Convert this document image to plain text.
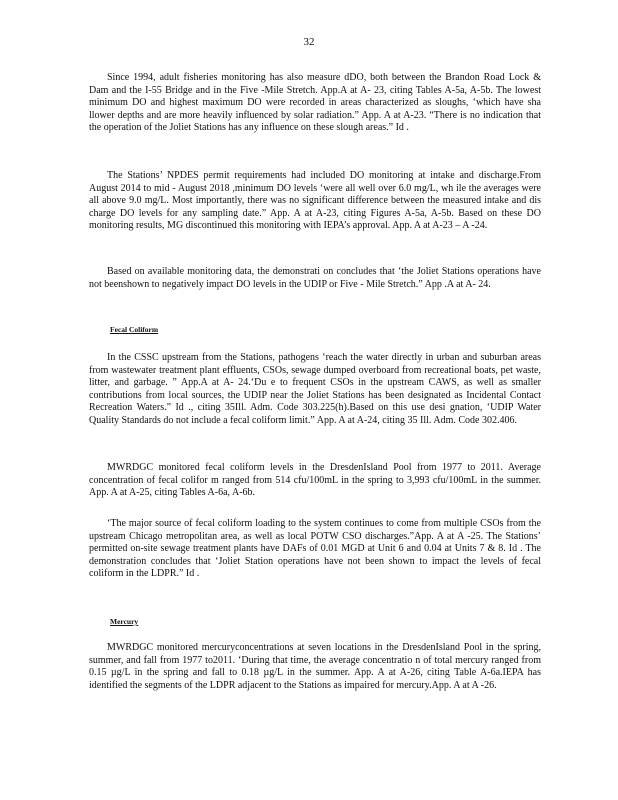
32

Since 1994, adult fisheries monitoring has also measure dDO, both between the Brandon Road Lock & Dam and the I-55 Bridge and in the Five -Mile Stretch. App.A at A- 23, citing Tables A-5a, A-5b. The lowest minimum DO and highest maximum DO were recorded in areas characterized as sloughs, ‘which have sha llower depths and are more heavily influenced by solar radiation.” App. A at A-23. “There is no indication that the operation of the Joliet Stations has any influence on these slough areas.” Id .

The Stations’ NPDES permit requirements had included DO monitoring at intake and discharge.From August 2014 to mid - August 2018 ,minimum DO levels ‘were all well over 6.0 mg/L, wh ile the averages were all above 9.0 mg/L. Most importantly, there was no significant difference between the measured intake and dis charge DO levels for any sampling date.” App. A at A-23, citing Figures A-5a, A-5b. Based on these DO monitoring results, MG discontinued this monitoring with IEPA’s approval. App. A at A-23 – A -24.

Based on available monitoring data, the demonstrati on concludes that ‘the Joliet Stations operations have not beenshown to negatively impact DO levels in the UDIP or Five - Mile Stretch.” App .A at A- 24.

Fecal Coliform

In the CSSC upstream from the Stations, pathogens ‘reach the water directly in urban and suburban areas from wastewater treatment plant effluents, CSOs, sewage dumped overboard from recreational boats, pet waste, litter, and garbage. ” App.A at A- 24.‘Du e to frequent CSOs in the upstream CAWS, as well as smaller contributions from local sources, the UDIP near the Joliet Stations has been designated as Incidental Contact Recreation Waters.” Id ., citing 35Ill. Adm. Code 303.225(h).Based on this use desi gnation, ‘UDIP Water Quality Standards do not include a fecal coliform limit.” App. A at A-24, citing 35 Ill. Adm. Code 302.406.

MWRDGC monitored fecal coliform levels in the DresdenIsland Pool from 1977 to 2011. Average concentration of fecal colifor m ranged from 514 cfu/100mL in the spring to 3,993 cfu/100mL in the summer. App. A at A-25, citing Tables A-6a, A-6b.

‘The major source of fecal coliform loading to the system continues to come from multiple CSOs from the upstream Chicago metropolitan area, as well as local POTW CSO discharges.”App. A at A -25. The Stations’ permitted on-site sewage treatment plants have DAFs of 0.01 MGD at Unit 6 and 0.04 at Units 7 & 8. Id . The demonstration concludes that ‘Joliet Station operations have not been shown to impact the levels of fecal coliform in the LDPR.” Id .

Mercury

MWRDGC monitored mercuryconcentrations at seven locations in the DresdenIsland Pool in the spring, summer, and fall from 1977 to2011. ‘During that time, the average concentratio n of total mercury ranged from 0.15 µg/L in the spring and fall to 0.18 µg/L in the summer. App. A at A-26, citing Table A-6a.IEPA has identified the segments of the LDPR adjacent to the Stations as impaired for mercury.App. A at A -26.
